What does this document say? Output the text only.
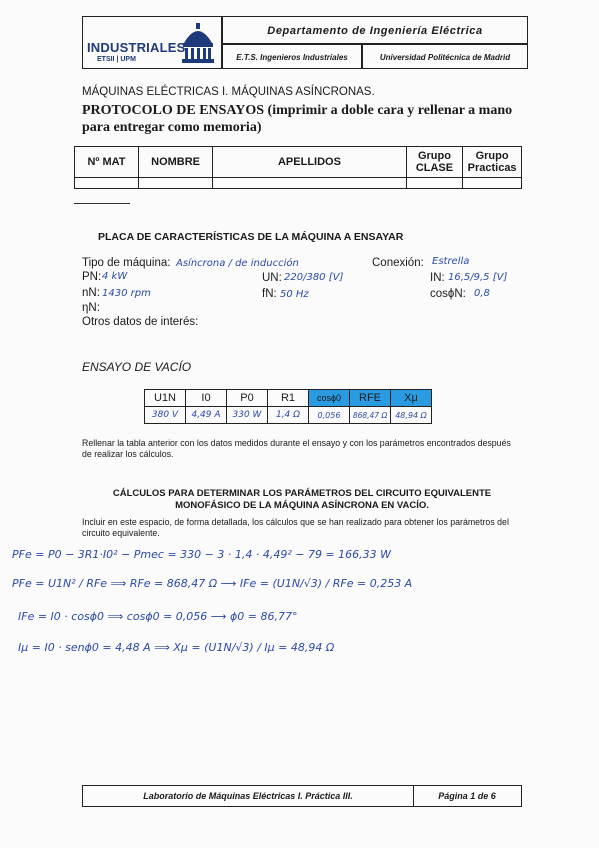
INDUSTRIALES
ETSII | UPM
Departamento de Ingeniería Eléctrica
E.T.S. Ingenieros Industriales	Universidad Politécnica de Madrid
MÁQUINAS ELÉCTRICAS I. MÁQUINAS ASÍNCRONAS.
PROTOCOLO DE ENSAYOS (imprimir a doble cara y rellenar a mano para entregar como memoria)
Nº MAT	NOMBRE	APELLIDOS	Grupo CLASE	Grupo Practicas

PLACA DE CARACTERÍSTICAS DE LA MÁQUINA A ENSAYAR
Tipo de máquina: Asíncrona / de inducción	Conexión: Estrella
PN: 4 kW	UN: 220/380 [V]	IN: 16,5/9,5 [V]
nN: 1430 rpm	fN: 50 Hz	cosϕN: 0,8
ηN:
Otros datos de interés:
ENSAYO DE VACÍO
U1N	I0	P0	R1	cosϕ0	RFE	Xμ
380 V	4,49 A	330 W	1,4 Ω	0,056	868,47 Ω	48,94 Ω
Rellenar la tabla anterior con los datos medidos durante el ensayo y con los parámetros encontrados después de realizar los cálculos.
CÁLCULOS PARA DETERMINAR LOS PARÁMETROS DEL CIRCUITO EQUIVALENTE MONOFÁSICO DE LA MÁQUINA ASÍNCRONA EN VACÍO.
Incluir en este espacio, de forma detallada, los cálculos que se han realizado para obtener los parámetros del circuito equivalente.
PFe = P0 − 3R1·I0² − Pmec = 330 − 3 · 1,4 · 4,49² − 79 = 166,33 W
PFe = U1N² / RFe ⟹ RFe = 868,47 Ω ⟶ IFe = (U1N/√3) / RFe = 0,253 A
IFe = I0 · cosϕ0 ⟹ cosϕ0 = 0,056 ⟶ ϕ0 = 86,77°
Iμ = I0 · senϕ0 = 4,48 A ⟹ Xμ = (U1N/√3) / Iμ = 48,94 Ω
Laboratorio de Máquinas Eléctricas I. Práctica III.	Página 1 de 6
